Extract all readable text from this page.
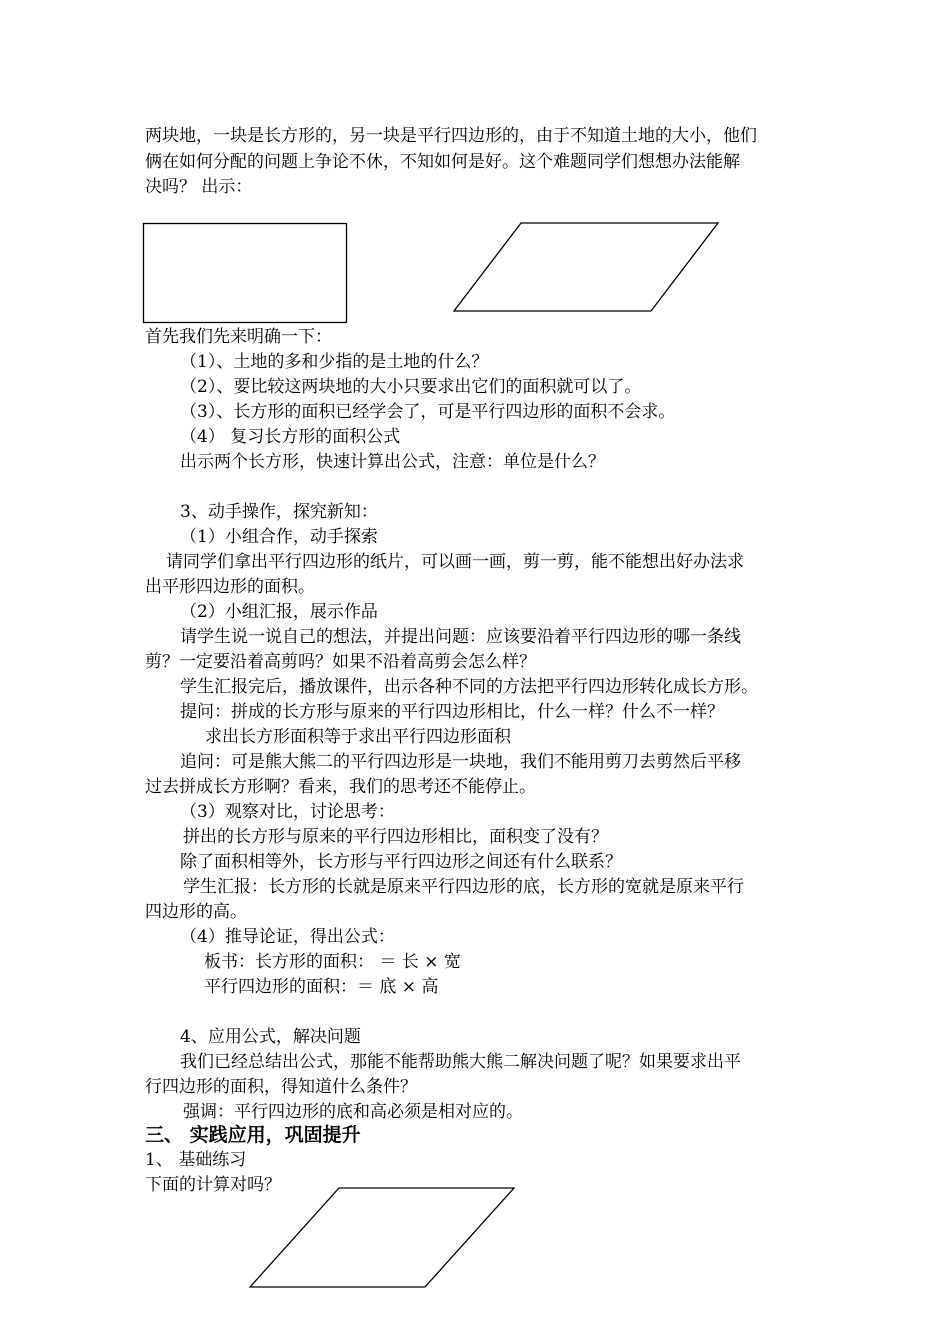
两块地，一块是长方形的，另一块是平行四边形的，由于不知道土地的大小，他们
俩在如何分配的问题上争论不休，不知如何是好。这个难题同学们想想办法能解
决吗？ 出示：
首先我们先来明确一下：
（1）、土地的多和少指的是土地的什么？
（2）、要比较这两块地的大小只要求出它们的面积就可以了。
（3）、长方形的面积已经学会了，可是平行四边形的面积不会求。
（4） 复习长方形的面积公式
出示两个长方形，快速计算出公式，注意：单位是什么？
3、动手操作，探究新知：
（1）小组合作，动手探索
请同学们拿出平行四边形的纸片，可以画一画，剪一剪，能不能想出好办法求
出平形四边形的面积。
（2）小组汇报，展示作品
请学生说一说自己的想法，并提出问题：应该要沿着平行四边形的哪一条线
剪？一定要沿着高剪吗？如果不沿着高剪会怎么样？
学生汇报完后，播放课件，出示各种不同的方法把平行四边形转化成长方形。
提问：拼成的长方形与原来的平行四边形相比，什么一样？什么不一样？
求出长方形面积等于求出平行四边形面积
追问：可是熊大熊二的平行四边形是一块地，我们不能用剪刀去剪然后平移
过去拼成长方形啊？看来，我们的思考还不能停止。
（3）观察对比，讨论思考：
拼出的长方形与原来的平行四边形相比，面积变了没有？
除了面积相等外，长方形与平行四边形之间还有什么联系？
学生汇报：长方形的长就是原来平行四边形的底，长方形的宽就是原来平行
四边形的高。
（4）推导论证，得出公式：
板书：长方形的面积： ＝ 长 × 宽
平行四边形的面积：＝ 底 × 高
4、应用公式，解决问题
我们已经总结出公式，那能不能帮助熊大熊二解决问题了呢？如果要求出平
行四边形的面积，得知道什么条件？
强调：平行四边形的底和高必须是相对应的。
三、 实践应用，巩固提升
1、 基础练习
下面的计算对吗？
